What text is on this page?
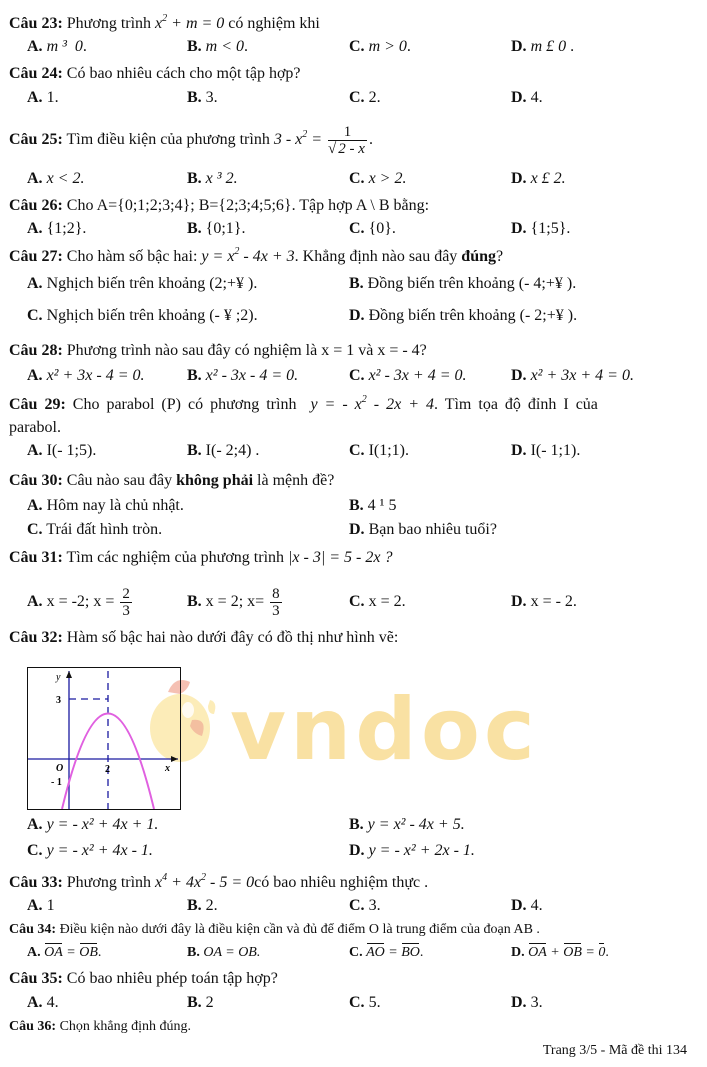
vndoc
Câu 23: Phương trình $x^2 + m = 0$ có nghiệm khi
A. m ³  0.	B. m < 0.	C. m > 0.	D. m £ 0 .
Câu 24: Có bao nhiêu cách cho một tập hợp?
A. 1.	B. 3.	C. 2.	D. 4.
Câu 25: Tìm điều kiện của phương trình $3 - x^2 = \frac{1}{√ 2 - x}$ .
A. x < 2.	B. x ³ 2.	C. x > 2.	D. x £ 2.
Câu 26: Cho A={0;1;2;3;4}; B={2;3;4;5;6}. Tập hợp A \ B bằng:
A. {1;2}.	B. {0;1}.	C. {0}.	D. {1;5}.
Câu 27: Cho hàm số bậc hai: $y = x^2 - 4x + 3$. Khẳng định nào sau đây đúng?
A. Nghịch biến trên khoảng (2;+¥ ).	B. Đồng biến trên khoảng (- 4;+¥ ).
C. Nghịch biến trên khoảng (- ¥ ;2).	D. Đồng biến trên khoảng (- 2;+¥ ).
Câu 28: Phương trình nào sau đây có nghiệm là x = 1 và x = - 4?
A. x² + 3x - 4 = 0.	B. x² - 3x - 4 = 0.	C. x² - 3x + 4 = 0.	D. x² + 3x + 4 = 0.
Câu 29: Cho parabol (P) có phương trình y = - $x^2 - 2x + 4$. Tìm tọa độ đỉnh I của
parabol.
A. I(- 1;5).	B. I(- 2;4) .	C. I(1;1).	D. I(- 1;1).
Câu 30: Câu nào sau đây không phải là mệnh đề?
A. Hôm nay là chủ nhật.	B. 4 ¹ 5
C. Trái đất hình tròn.	D. Bạn bao nhiêu tuổi?
Câu 31: Tìm các nghiệm của phương trình |x - 3| = 5 - 2x ?
A. x = -2; $x = \frac{2}{3}$	B. x = 2; $x= \frac{8}{3}$	C. x = 2.	D. x = - 2.
Câu 32: Hàm số bậc hai nào dưới đây có đồ thị như hình vẽ:
y
3
O	2
- 1
x
A. y = - x² + 4x + 1.	B. y = x² - 4x + 5.
C. y = - x² + 4x - 1.	D. y = - x² + 2x - 1.
Câu 33: Phương trình $x^4 + 4x^2 - 5$ = 0có bao nhiêu nghiệm thực .
A. 1	B. 2.	C. 3.	D. 4.
Câu 34: Điều kiện nào dưới đây là điều kiện cần và đủ để điểm O là trung điểm của đoạn AB .
A. OA = OB.	B. OA = OB.	C. AO = BO.	D. OA + OB = 0.
Câu 35: Có bao nhiêu phép toán tập hợp?
A. 4.	B. 2	C. 5.	D. 3.
Câu 36: Chọn khẳng định đúng.
Trang 3/5 - Mã đề thi 134
